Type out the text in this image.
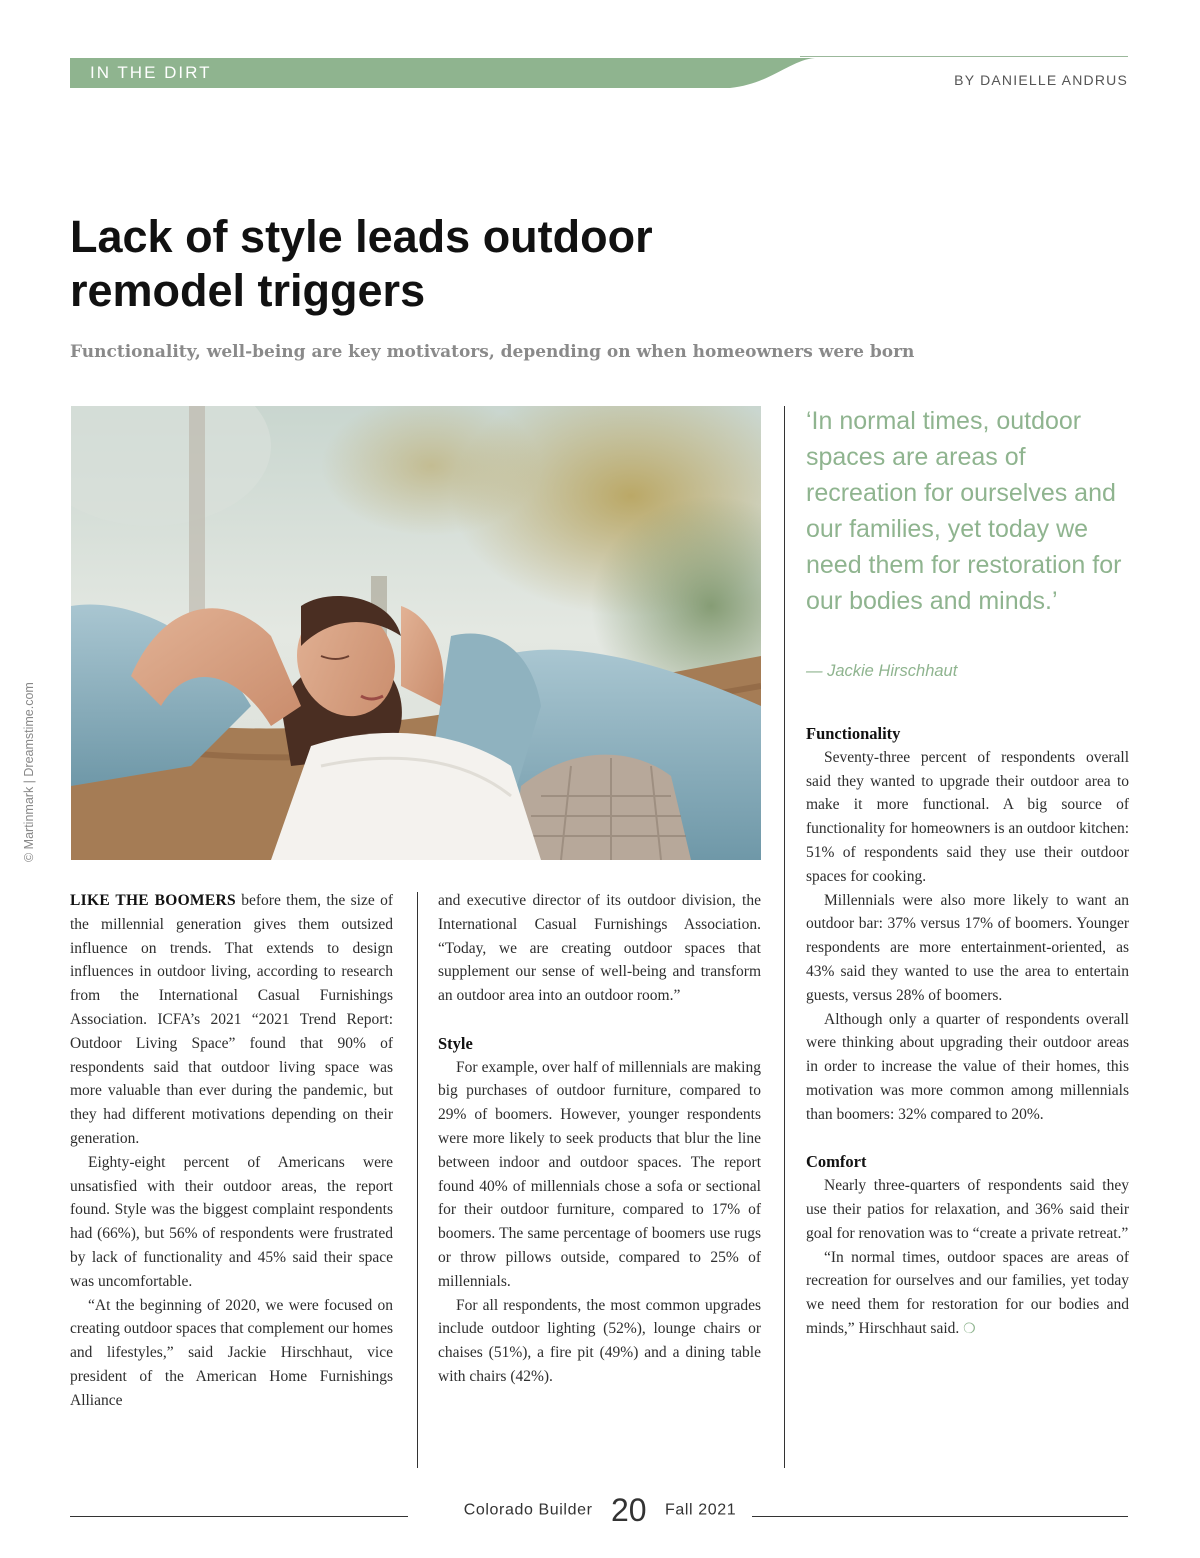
IN THE DIRT	BY DANIELLE ANDRUS
Lack of style leads outdoor remodel triggers

Functionality, well-being are key motivators, depending on when homeowners were born

© Martinmark | Dreamstime.com

‘In normal times, outdoor spaces are areas of recreation for ourselves and our families, yet today we need them for restoration for our bodies and minds.’

— Jackie Hirschhaut

LIKE THE BOOMERS before them, the size of the millennial generation gives them outsized influence on trends. That extends to design influences in outdoor living, according to research from the International Casual Furnishings Association. ICFA’s 2021 “2021 Trend Report: Outdoor Living Space” found that 90% of respondents said that outdoor living space was more valuable than ever during the pandemic, but they had different motivations depending on their generation.

Eighty-eight percent of Americans were unsatisfied with their outdoor areas, the report found. Style was the biggest complaint respondents had (66%), but 56% of respondents were frustrated by lack of functionality and 45% said their space was uncomfortable.

“At the beginning of 2020, we were focused on creating outdoor spaces that complement our homes and lifestyles,” said Jackie Hirschhaut, vice president of the American Home Furnishings Alliance

and executive director of its outdoor division, the International Casual Furnishings Association. “Today, we are creating outdoor spaces that supplement our sense of well-being and transform an outdoor area into an outdoor room.”

Style

For example, over half of millennials are making big purchases of outdoor furniture, compared to 29% of boomers. However, younger respondents were more likely to seek products that blur the line between indoor and outdoor spaces. The report found 40% of millennials chose a sofa or sectional for their outdoor furniture, compared to 17% of boomers. The same percentage of boomers use rugs or throw pillows outside, compared to 25% of millennials.

For all respondents, the most common upgrades include outdoor lighting (52%), lounge chairs or chaises (51%), a fire pit (49%) and a dining table with chairs (42%).

Functionality

Seventy-three percent of respondents overall said they wanted to upgrade their outdoor area to make it more functional. A big source of functionality for homeowners is an outdoor kitchen: 51% of respondents said they use their outdoor spaces for cooking.

Millennials were also more likely to want an outdoor bar: 37% versus 17% of boomers. Younger respondents are more entertainment-oriented, as 43% said they wanted to use the area to entertain guests, versus 28% of boomers.

Although only a quarter of respondents overall were thinking about upgrading their outdoor areas in order to increase the value of their homes, this motivation was more common among millennials than boomers: 32% compared to 20%.

Comfort

Nearly three-quarters of respondents said they use their patios for relaxation, and 36% said their goal for renovation was to “create a private retreat.”

“In normal times, outdoor spaces are areas of recreation for ourselves and our families, yet today we need them for restoration for our bodies and minds,” Hirschhaut said. ❍

Colorado Builder 20 Fall 2021
